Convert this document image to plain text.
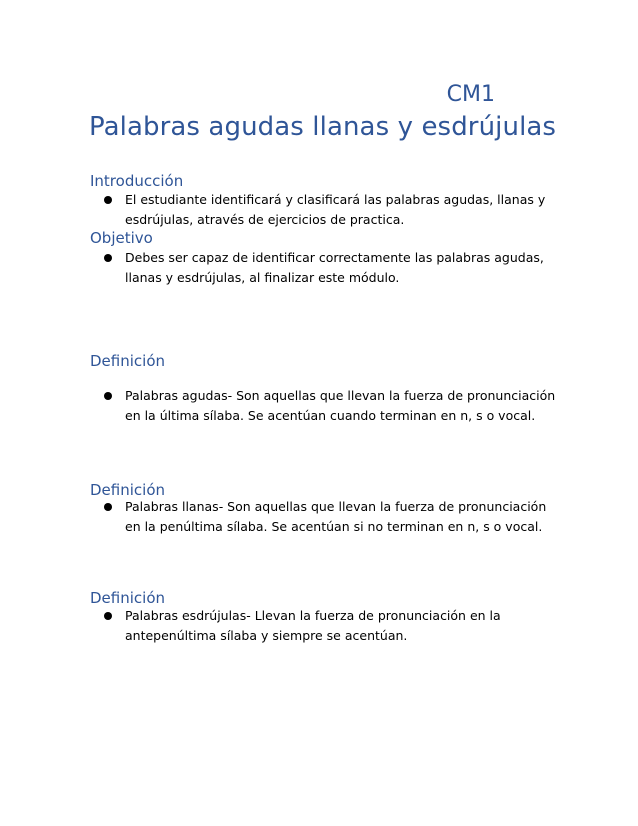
CM1
Palabras agudas llanas y esdrújulas
Introducción
El estudiante identificará y clasificará las palabras agudas, llanas y esdrújulas, através de ejercicios de practica.
Objetivo
Debes ser capaz de identificar correctamente las palabras agudas, llanas y esdrújulas, al finalizar este módulo.
Definición
Palabras agudas- Son aquellas que llevan la fuerza de pronunciación en la última sílaba. Se acentúan cuando terminan en n, s o vocal.
Definición
Palabras llanas- Son aquellas que llevan la fuerza de pronunciación en la penúltima sílaba. Se acentúan si no terminan en n, s o vocal.
Definición
Palabras esdrújulas- Llevan la fuerza de pronunciación en la antepenúltima sílaba y siempre se acentúan.
